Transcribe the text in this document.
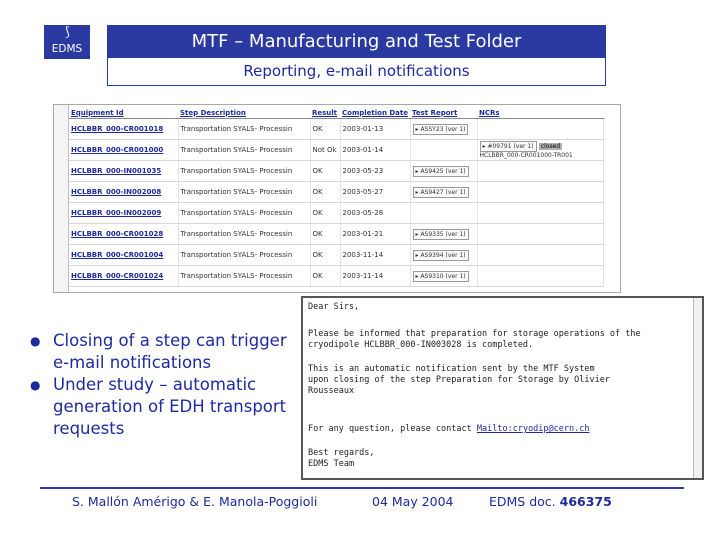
⟆
EDMS	MTF – Manufacturing and Test Folder
Reporting, e-mail notifications
Equipment Id	Step Description	Result	Completion Date	Test Report	NCRs
HCLBBR_000-CR001018	Transportation SYALS- Processin	OK	2003-01-13	▸ ASSY23 (ver 1)	
HCLBBR_000-CR001000	Transportation SYALS- Processin	Not Ok	2003-01-14		▸ #09791 (ver 1) closed
HCLBBR_000-CR001000-TR001

HCLBBR_000-IN001035	Transportation SYALS- Processin	OK	2003-05-23	▸ AS9425 (ver 1)	
HCLBBR_000-IN002008	Transportation SYALS- Processin	OK	2003-05-27	▸ AS9427 (ver 1)	
HCLBBR_000-IN002009	Transportation SYALS- Processin	OK	2003-05-28		
HCLBBR_000-CR001028	Transportation SYALS- Processin	OK	2003-01-21	▸ AS9335 (ver 1)	
HCLBBR_000-CR001004	Transportation SYALS- Processin	OK	2003-11-14	▸ AS9394 (ver 1)	
HCLBBR_000-CR001024	Transportation SYALS- Processin	OK	2003-11-14	▸ AS9310 (ver 1)	
● Closing of a step can trigger e-mail notifications
● Under study – automatic generation of EDH transport requests
Dear Sirs,
Please be informed that preparation for storage operations of the
cryodipole HCLBBR_000-IN003028 is completed.
This is an automatic notification sent by the MTF System
upon closing of the step Preparation for Storage by Olivier
Rousseaux
For any question, please contact Mailto:cryodip@cern.ch
Best regards,
EDMS Team
S. Mallón Amérigo & E. Manola-Poggioli	04 May 2004	EDMS doc. 466375
